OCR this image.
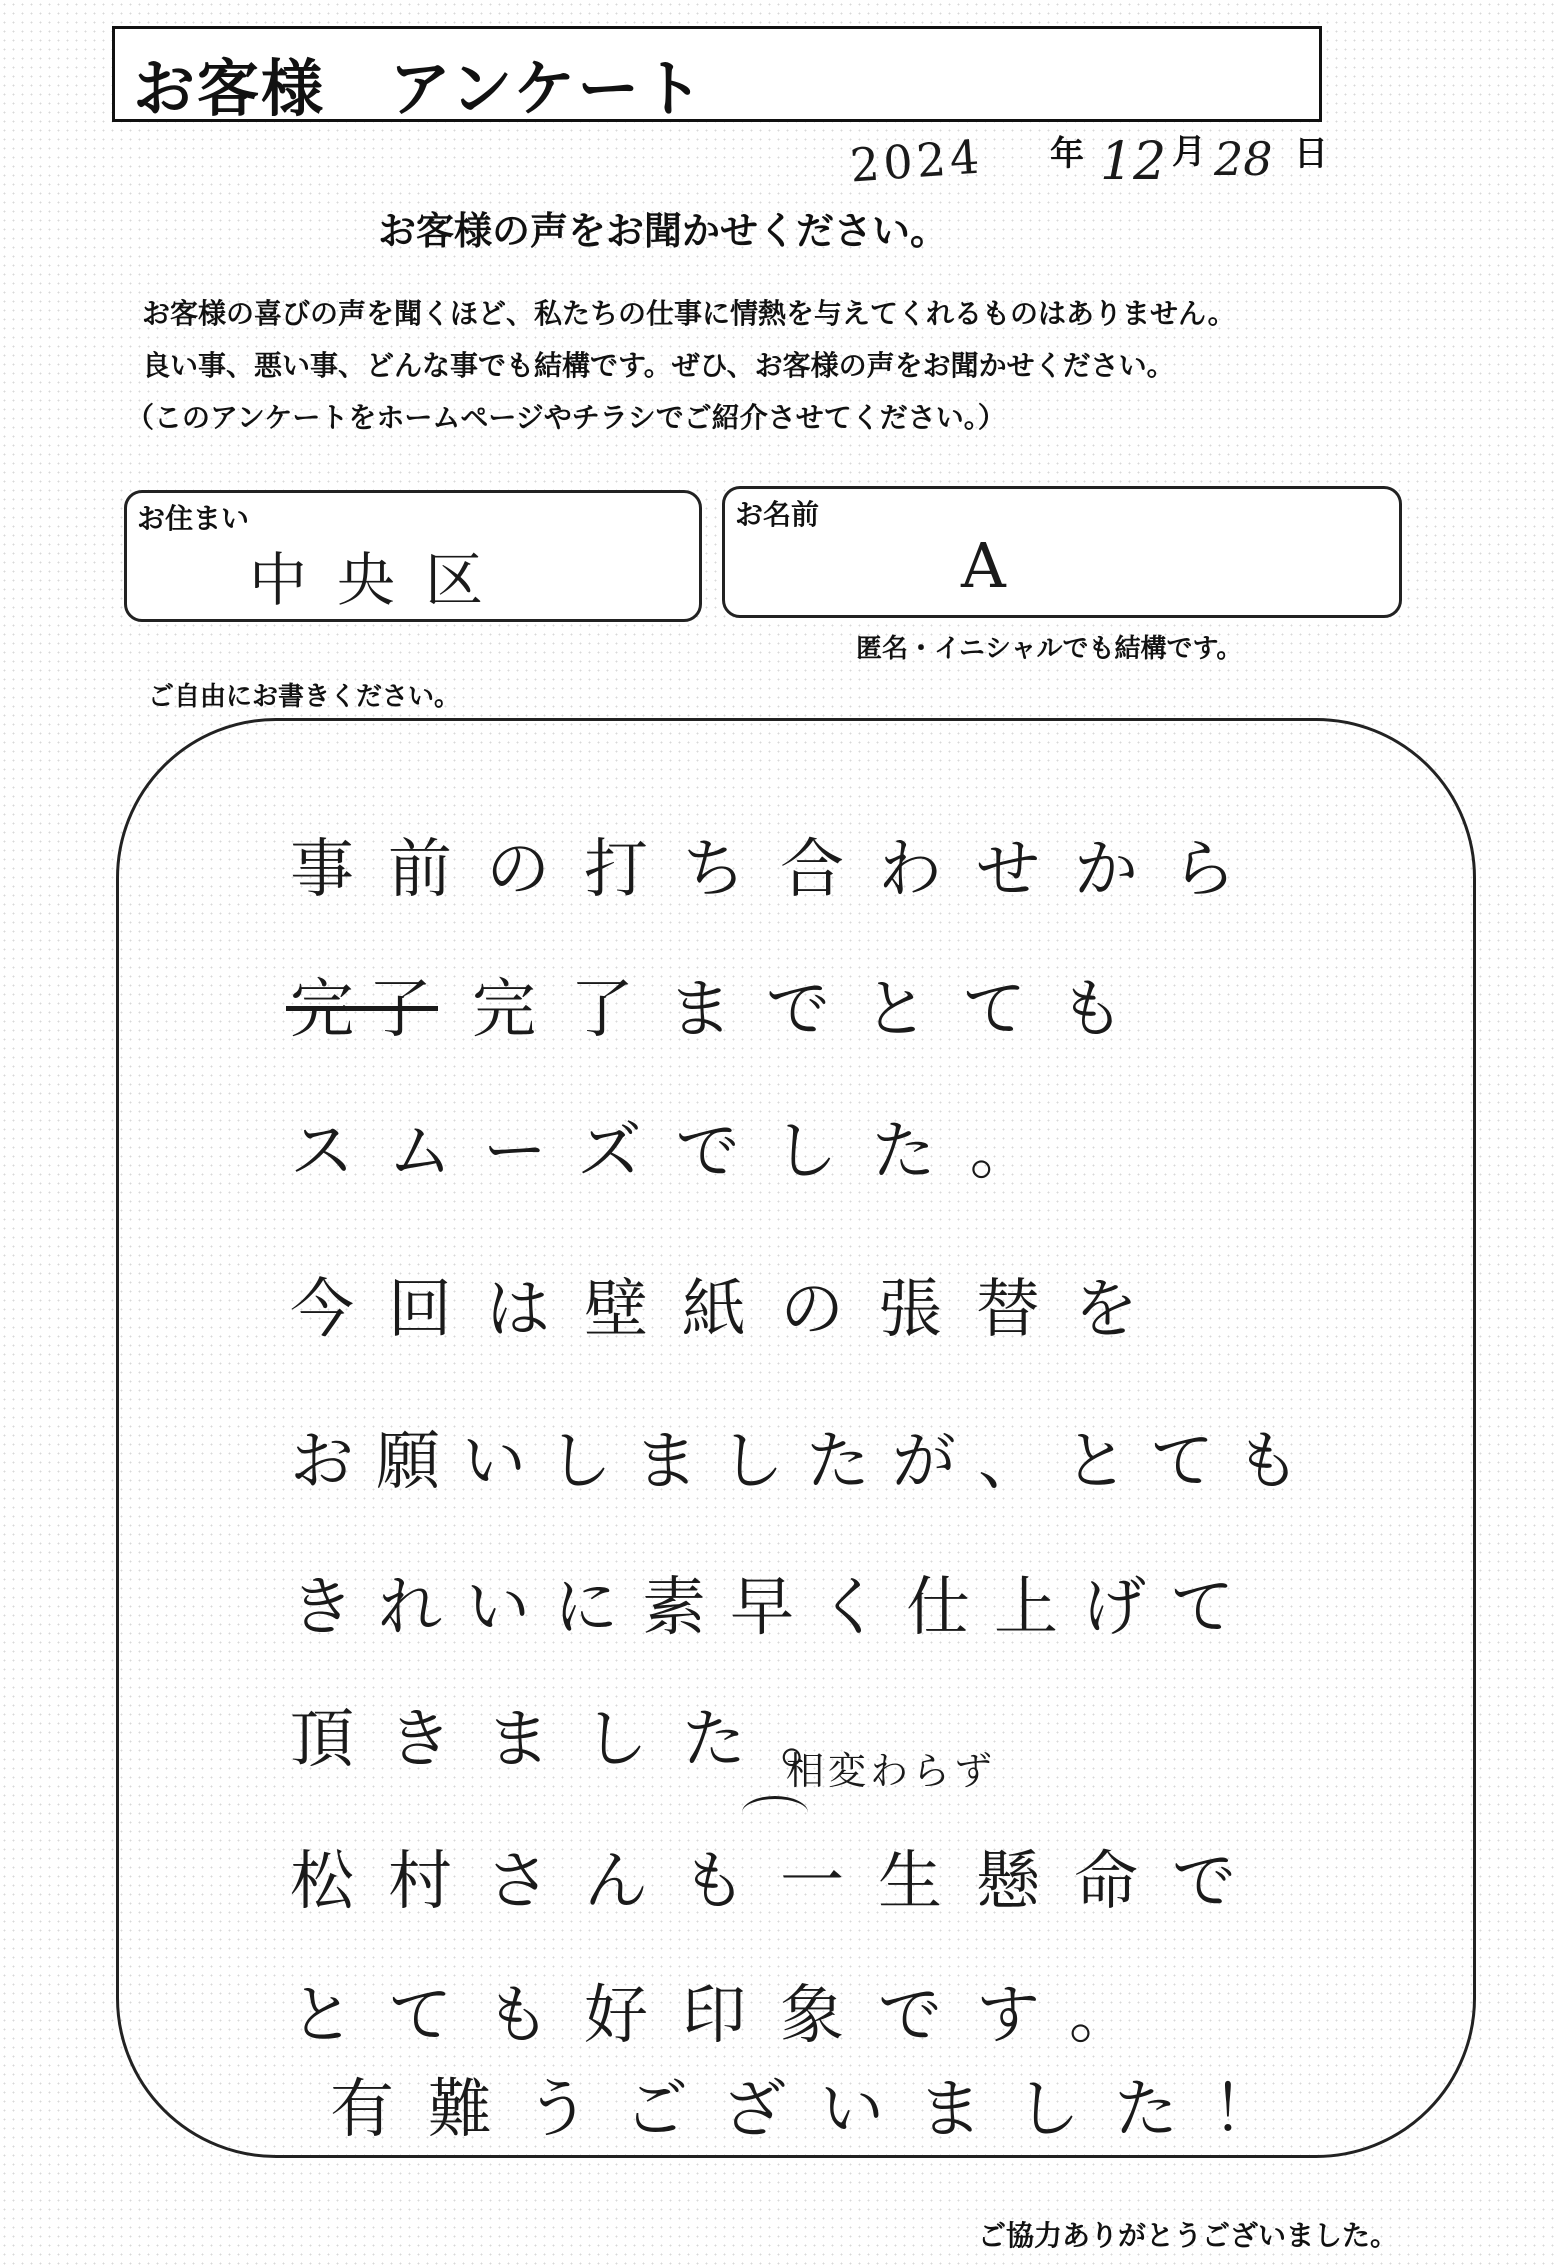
お客様　アンケート
2024 年 12 月 28 日
お客様の声をお聞かせください。
お客様の喜びの声を聞くほど、私たちの仕事に情熱を与えてくれるものはありません。
良い事、悪い事、どんな事でも結構です。ぜひ、お客様の声をお聞かせください。
（このアンケートをホームページやチラシでご紹介させてください。）
お住まい
中央区
お名前
A
匿名・イニシャルでも結構です。
ご自由にお書きください。
事前の打ち合わせから
完了 完了までとても
スムーズでした。
今回は壁紙の張替を
お願いしましたが、とても
きれいに素早く仕上げて
頂きました。
相変わらず
松村さんも一生懸命で
とても好印象です。
有難うございました！
ご協力ありがとうございました。
